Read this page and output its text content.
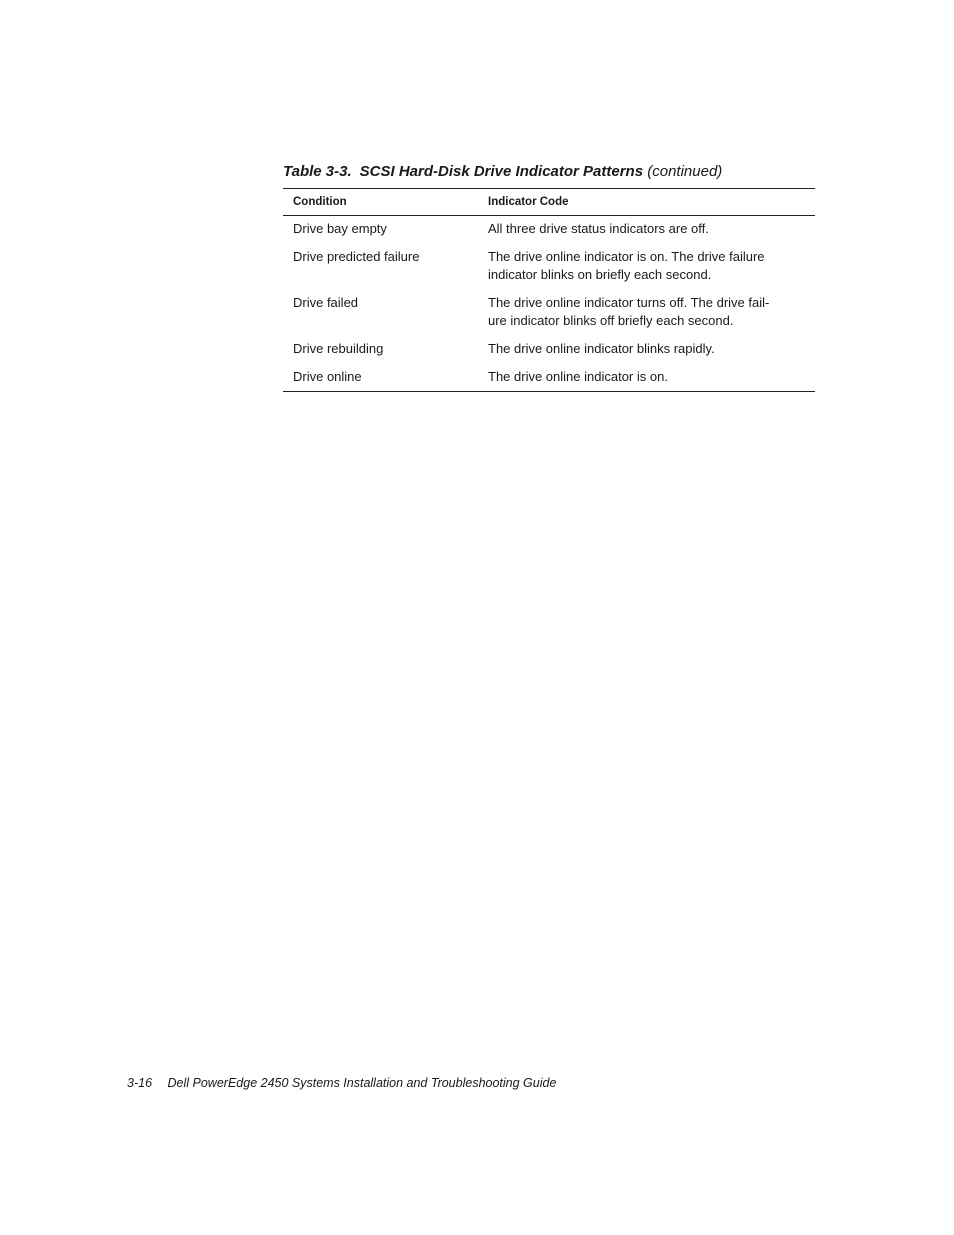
Table 3-3. SCSI Hard-Disk Drive Indicator Patterns (continued)
Condition	Indicator Code
Drive bay empty	All three drive status indicators are off.
Drive predicted failure	The drive online indicator is on. The drive failure
indicator blinks on briefly each second.
Drive failed	The drive online indicator turns off. The drive fail-
ure indicator blinks off briefly each second.
Drive rebuilding	The drive online indicator blinks rapidly.
Drive online	The drive online indicator is on.
3-16 Dell PowerEdge 2450 Systems Installation and Troubleshooting Guide
